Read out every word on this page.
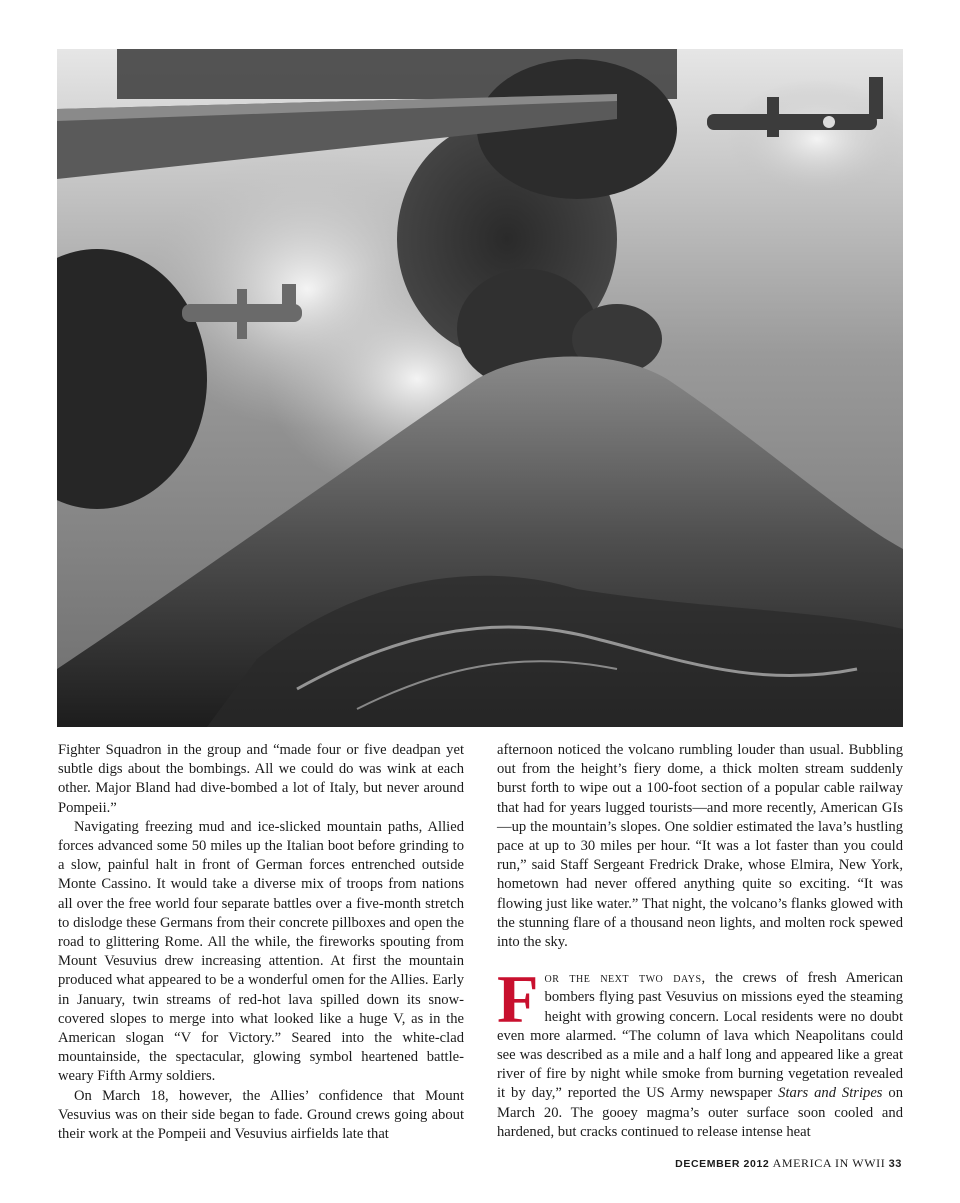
Fighter Squadron in the group and “made four or five deadpan yet subtle digs about the bombings. All we could do was wink at each other. Major Bland had dive-bombed a lot of Italy, but never around Pompeii.”

Navigating freezing mud and ice-slicked mountain paths, Allied forces advanced some 50 miles up the Italian boot before grinding to a slow, painful halt in front of German forces entrenched outside Monte Cassino. It would take a diverse mix of troops from nations all over the free world four separate battles over a five-month stretch to dislodge these Germans from their concrete pillboxes and open the road to glittering Rome. All the while, the fireworks spouting from Mount Vesuvius drew increasing attention. At first the mountain produced what appeared to be a wonderful omen for the Allies. Early in January, twin streams of red-hot lava spilled down its snow-covered slopes to merge into what looked like a huge V, as in the American slogan “V for Victory.” Seared into the white-clad mountainside, the spectacular, glowing symbol heartened battle-weary Fifth Army soldiers.

On March 18, however, the Allies’ confidence that Mount Vesuvius was on their side began to fade. Ground crews going about their work at the Pompeii and Vesuvius airfields late that

afternoon noticed the volcano rumbling louder than usual. Bubbling out from the height’s fiery dome, a thick molten stream suddenly burst forth to wipe out a 100-foot section of a popular cable railway that had for years lugged tourists—and more recently, American GIs—up the mountain’s slopes. One soldier estimated the lava’s hustling pace at up to 30 miles per hour. “It was a lot faster than you could run,” said Staff Sergeant Fredrick Drake, whose Elmira, New York, hometown had never offered anything quite so exciting. “It was flowing just like water.” That night, the volcano’s flanks glowed with the stunning flare of a thousand neon lights, and molten rock spewed into the sky.

For the next two days, the crews of fresh American bombers flying past Vesuvius on missions eyed the steaming height with growing concern. Local residents were no doubt even more alarmed. “The column of lava which Neapolitans could see was described as a mile and a half long and appeared like a great river of fire by night while smoke from burning vegetation revealed it by day,” reported the US Army newspaper Stars and Stripes on March 20. The gooey magma’s outer surface soon cooled and hardened, but cracks continued to release intense heat

DECEMBER 2012 AMERICA IN WWII 33
